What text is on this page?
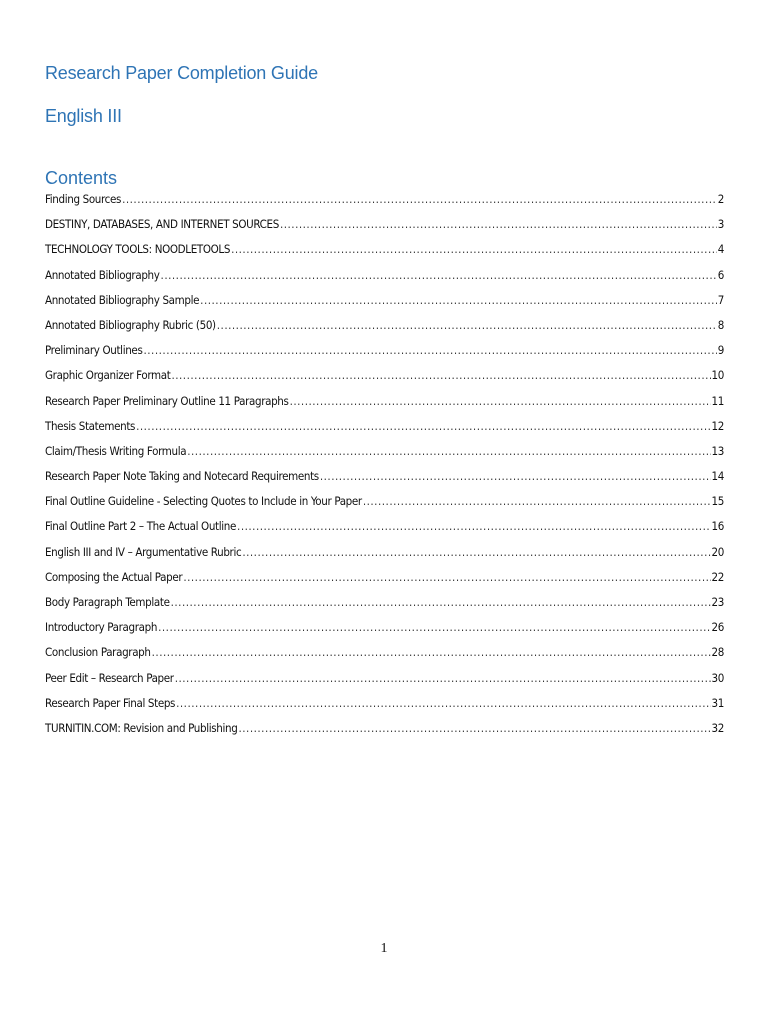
Research Paper Completion Guide
English III
Contents
Finding Sources .....	2
DESTINY, DATABASES, AND INTERNET SOURCES .....	3
TECHNOLOGY TOOLS: NOODLETOOLS .....	4
Annotated Bibliography .....	6
Annotated Bibliography Sample .....	7
Annotated Bibliography Rubric (50) .....	8
Preliminary Outlines .....	9
Graphic Organizer Format .....	10
Research Paper Preliminary Outline 11 Paragraphs .....	11
Thesis Statements .....	12
Claim/Thesis Writing Formula .....	13
Research Paper Note Taking and Notecard Requirements .....	14
Final Outline Guideline - Selecting Quotes to Include in Your Paper .....	15
Final Outline Part 2 – The Actual Outline .....	16
English III and IV – Argumentative Rubric .....	20
Composing the Actual Paper .....	22
Body Paragraph Template .....	23
Introductory Paragraph .....	26
Conclusion Paragraph .....	28
Peer Edit – Research Paper .....	30
Research Paper Final Steps .....	31
TURNITIN.COM: Revision and Publishing .....	32
1
